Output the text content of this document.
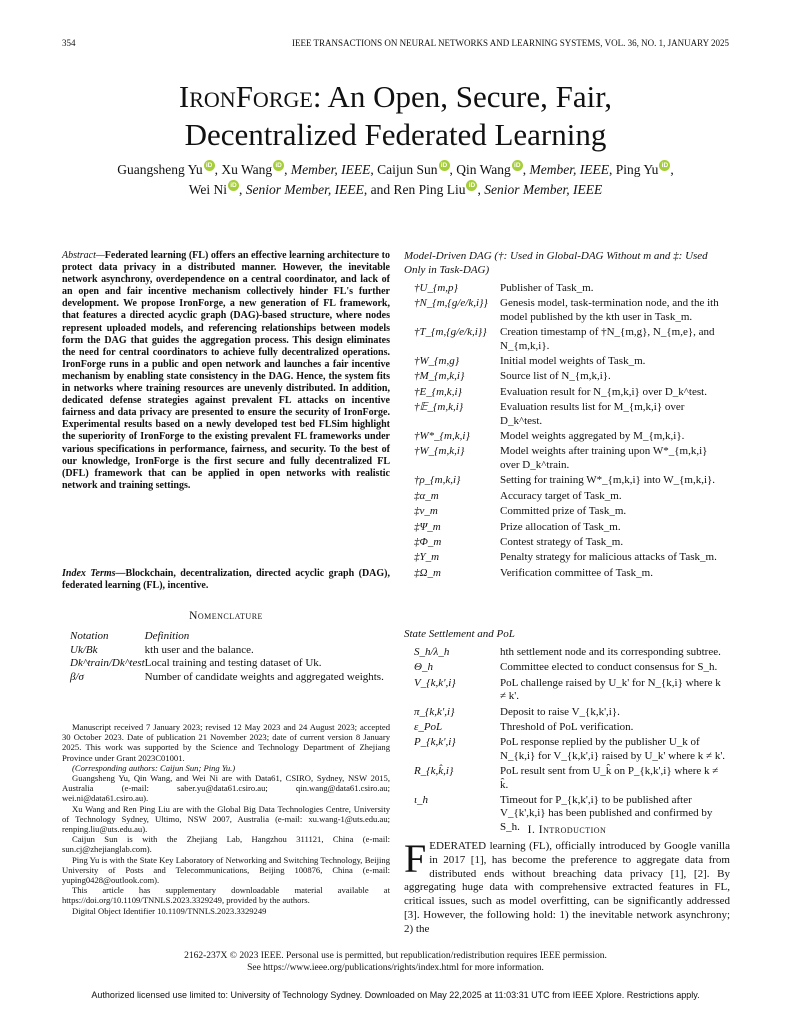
354	IEEE TRANSACTIONS ON NEURAL NETWORKS AND LEARNING SYSTEMS, VOL. 36, NO. 1, JANUARY 2025
IronForge: An Open, Secure, Fair,
Decentralized Federated Learning
Guangsheng Yu iD , Xu Wang iD , Member, IEEE, Caijun Sun iD , Qin Wang iD , Member, IEEE, Ping Yu iD ,
Wei Ni iD , Senior Member, IEEE, and Ren Ping Liu iD , Senior Member, IEEE
Abstract—Federated learning (FL) offers an effective learning architecture to protect data privacy in a distributed manner. However, the inevitable network asynchrony, overdependence on a central coordinator, and lack of an open and fair incentive mechanism collectively hinder FL's further development. We propose IronForge, a new generation of FL framework, that features a directed acyclic graph (DAG)-based structure, where nodes represent uploaded models, and referencing relationships between models form the DAG that guides the aggregation process. This design eliminates the need for central coordinators to achieve fully decentralized operations. IronForge runs in a public and open network and launches a fair incentive mechanism by enabling state consistency in the DAG. Hence, the system fits in networks where training resources are unevenly distributed. In addition, dedicated defense strategies against prevalent FL attacks on incentive fairness and data privacy are presented to ensure the security of IronForge. Experimental results based on a newly developed test bed FLSim highlight the superiority of IronForge to the existing prevalent FL frameworks under various specifications in performance, fairness, and security. To the best of our knowledge, IronForge is the first secure and fully decentralized FL (DFL) framework that can be applied in open networks with realistic network and training settings.
Index Terms—Blockchain, decentralization, directed acyclic graph (DAG), federated learning (FL), incentive.
Nomenclature
Notation	Definition
Uk/Bk	kth user and the balance.
Dk^train/Dk^test	Local training and testing dataset of Uk.
β/σ	Number of candidate weights and aggregated weights.

Manuscript received 7 January 2023; revised 12 May 2023 and 24 August 2023; accepted 30 October 2023. Date of publication 21 November 2023; date of current version 8 January 2025. This work was supported by the Science and Technology Department of Zhejiang Province under Grant 2023C01001.

(Corresponding authors: Caijun Sun; Ping Yu.)

Guangsheng Yu, Qin Wang, and Wei Ni are with Data61, CSIRO, Sydney, NSW 2015, Australia (e-mail: saber.yu@data61.csiro.au; qin.wang@data61.csiro.au; wei.ni@data61.csiro.au).

Xu Wang and Ren Ping Liu are with the Global Big Data Technologies Centre, University of Technology Sydney, Ultimo, NSW 2007, Australia (e-mail: xu.wang-1@uts.edu.au; renping.liu@uts.edu.au).

Caijun Sun is with the Zhejiang Lab, Hangzhou 311121, China (e-mail: sun.cj@zhejianglab.com).

Ping Yu is with the State Key Laboratory of Networking and Switching Technology, Beijing University of Posts and Telecommunications, Beijing 100876, China (e-mail: yuping0428@outlook.com).

This article has supplementary downloadable material available at https://doi.org/10.1109/TNNLS.2023.3329249, provided by the authors.

Digital Object Identifier 10.1109/TNNLS.2023.3329249

Model-Driven DAG (†: Used in Global-DAG Without m and ‡: Used Only in Task-DAG)
†U_{m,p}	Publisher of Task_m.
†N_{m,{g/e/k,i}}	Genesis model, task-termination node, and the ith model published by the kth user in Task_m.
†T_{m,{g/e/k,i}}	Creation timestamp of †N_{m,g}, N_{m,e}, and N_{m,k,i}.
†W_{m,g}	Initial model weights of Task_m.
†M_{m,k,i}	Source list of N_{m,k,i}.
†E_{m,k,i}	Evaluation result for N_{m,k,i} over D_k^test.
†𝔼_{m,k,i}	Evaluation results list for M_{m,k,i} over D_k^test.
†W*_{m,k,i}	Model weights aggregated by M_{m,k,i}.
†W_{m,k,i}	Model weights after training upon W*_{m,k,i} over D_k^train.
†ρ_{m,k,i}	Setting for training W*_{m,k,i} into W_{m,k,i}.
‡α_m	Accuracy target of Task_m.
‡ν_m	Committed prize of Task_m.
‡Ψ_m	Prize allocation of Task_m.
‡Φ_m	Contest strategy of Task_m.
‡Υ_m	Penalty strategy for malicious attacks of Task_m.
‡Ω_m	Verification committee of Task_m.
State Settlement and PoL
S_h/λ_h	hth settlement node and its corresponding subtree.
Θ_h	Committee elected to conduct consensus for S_h.
V_{k,k',i}	PoL challenge raised by U_k' for N_{k,i} where k ≠ k'.
π_{k,k',i}	Deposit to raise V_{k,k',i}.
ε_PoL	Threshold of PoL verification.
P_{k,k',i}	PoL response replied by the publisher U_k of N_{k,i} for V_{k,k',i} raised by U_k' where k ≠ k'.
R_{k,k̂,i}	PoL result sent from U_k̂ on P_{k,k',i} where k ≠ k̂.
ι_h	Timeout for P_{k,k',i} to be published after V_{k',k,i} has been published and confirmed by S_h. I. Introduction
FEDERATED learning (FL), officially introduced by Google vanilla in 2017 [1], has become the preference to aggregate data from distributed ends without breaching data privacy [1], [2]. By aggregating huge data with comprehensive extracted features in FL, critical issues, such as model overfitting, can be significantly addressed [3]. However, the following hold: 1) the inevitable network asynchrony; 2) the
2162-237X © 2023 IEEE. Personal use is permitted, but republication/redistribution requires IEEE permission.
See https://www.ieee.org/publications/rights/index.html for more information.
Authorized licensed use limited to: University of Technology Sydney. Downloaded on May 22,2025 at 11:03:31 UTC from IEEE Xplore. Restrictions apply.
